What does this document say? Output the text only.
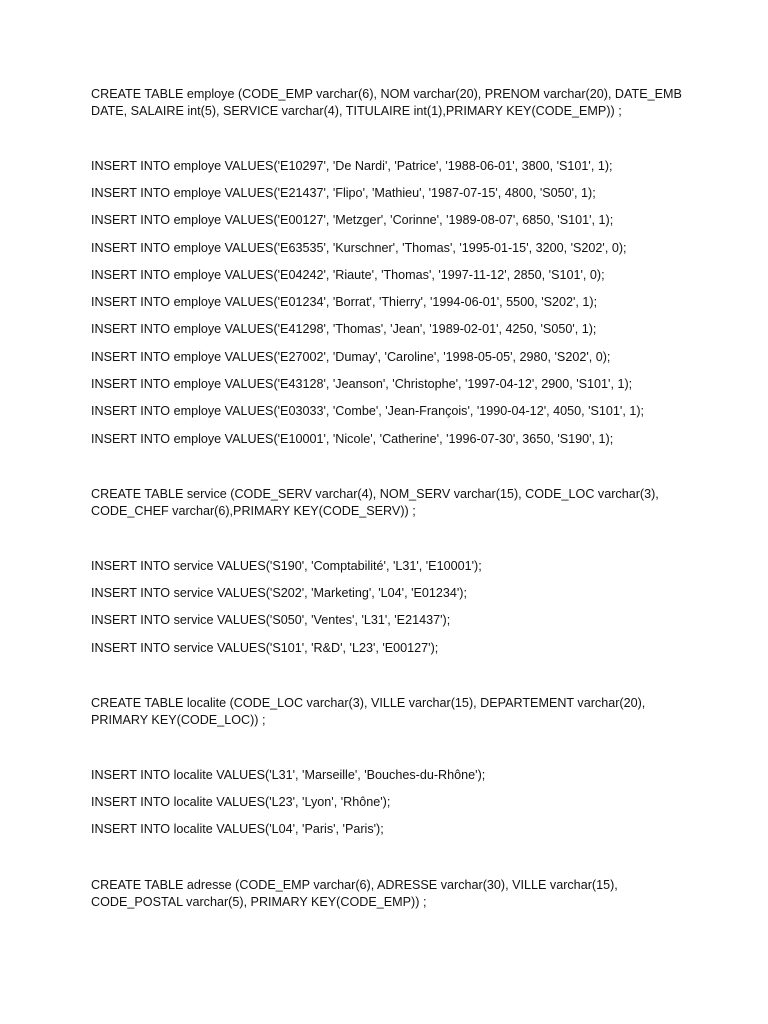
CREATE TABLE employe (CODE_EMP varchar(6), NOM varchar(20), PRENOM varchar(20), DATE_EMB

DATE, SALAIRE int(5), SERVICE varchar(4), TITULAIRE int(1),PRIMARY KEY(CODE_EMP)) ;

INSERT INTO employe VALUES('E10297', 'De Nardi', 'Patrice', '1988-06-01', 3800, 'S101', 1);

INSERT INTO employe VALUES('E21437', 'Flipo', 'Mathieu', '1987-07-15', 4800, 'S050', 1);

INSERT INTO employe VALUES('E00127', 'Metzger', 'Corinne', '1989-08-07', 6850, 'S101', 1);

INSERT INTO employe VALUES('E63535', 'Kurschner', 'Thomas', '1995-01-15', 3200, 'S202', 0);

INSERT INTO employe VALUES('E04242', 'Riaute', 'Thomas', '1997-11-12', 2850, 'S101', 0);

INSERT INTO employe VALUES('E01234', 'Borrat', 'Thierry', '1994-06-01', 5500, 'S202', 1);

INSERT INTO employe VALUES('E41298', 'Thomas', 'Jean', '1989-02-01', 4250, 'S050', 1);

INSERT INTO employe VALUES('E27002', 'Dumay', 'Caroline', '1998-05-05', 2980, 'S202', 0);

INSERT INTO employe VALUES('E43128', 'Jeanson', 'Christophe', '1997-04-12', 2900, 'S101', 1);

INSERT INTO employe VALUES('E03033', 'Combe', 'Jean-François', '1990-04-12', 4050, 'S101', 1);

INSERT INTO employe VALUES('E10001', 'Nicole', 'Catherine', '1996-07-30', 3650, 'S190', 1);

CREATE TABLE service (CODE_SERV varchar(4), NOM_SERV varchar(15), CODE_LOC varchar(3),

CODE_CHEF varchar(6),PRIMARY KEY(CODE_SERV)) ;

INSERT INTO service VALUES('S190', 'Comptabilité', 'L31', 'E10001');

INSERT INTO service VALUES('S202', 'Marketing', 'L04', 'E01234');

INSERT INTO service VALUES('S050', 'Ventes', 'L31', 'E21437');

INSERT INTO service VALUES('S101', 'R&D', 'L23', 'E00127');

CREATE TABLE localite (CODE_LOC varchar(3), VILLE varchar(15), DEPARTEMENT varchar(20),

PRIMARY KEY(CODE_LOC)) ;

INSERT INTO localite VALUES('L31', 'Marseille', 'Bouches-du-Rhône');

INSERT INTO localite VALUES('L23', 'Lyon', 'Rhône');

INSERT INTO localite VALUES('L04', 'Paris', 'Paris');

CREATE TABLE adresse (CODE_EMP varchar(6), ADRESSE varchar(30), VILLE varchar(15),

CODE_POSTAL varchar(5), PRIMARY KEY(CODE_EMP)) ;
